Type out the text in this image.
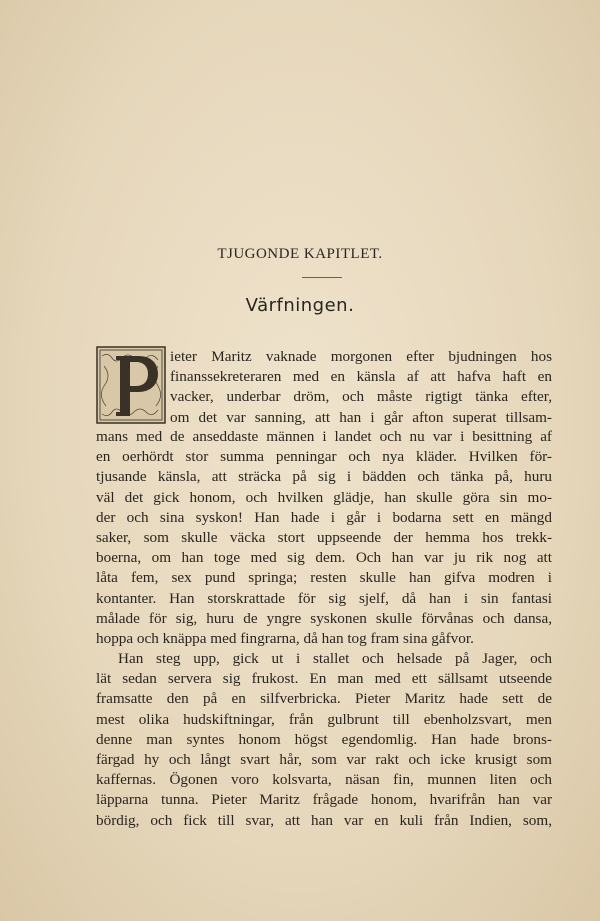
TJUGONDE KAPITLET.
Värfningen.
ieter Maritz vaknade morgonen efter bjudningen hos
finanssekreteraren med en känsla af att hafva haft en
vacker, underbar dröm, och måste rigtigt tänka efter,
om det var sanning, att han i går afton superat tillsam-
mans med de anseddaste männen i landet och nu var i besittning af
en oerhördt stor summa penningar och nya kläder. Hvilken för-
tjusande känsla, att sträcka på sig i bädden och tänka på, huru
väl det gick honom, och hvilken glädje, han skulle göra sin mo-
der och sina syskon! Han hade i går i bodarna sett en mängd
saker, som skulle väcka stort uppseende der hemma hos trekk-
boerna, om han toge med sig dem. Och han var ju rik nog att
låta fem, sex pund springa; resten skulle han gifva modren i
kontanter. Han storskrattade för sig sjelf, då han i sin fantasi
målade för sig, huru de yngre syskonen skulle förvånas och dansa,
hoppa och knäppa med fingrarna, då han tog fram sina gåfvor.
Han steg upp, gick ut i stallet och helsade på Jager, och
lät sedan servera sig frukost. En man med ett sällsamt utseende
framsatte den på en silfverbricka. Pieter Maritz hade sett de
mest olika hudskiftningar, från gulbrunt till ebenholzsvart, men
denne man syntes honom högst egendomlig. Han hade brons-
färgad hy och långt svart hår, som var rakt och icke krusigt som
kaffernas. Ögonen voro kolsvarta, näsan fin, munnen liten och
läpparna tunna. Pieter Maritz frågade honom, hvarifrån han var
bördig, och fick till svar, att han var en kuli från Indien, som,
